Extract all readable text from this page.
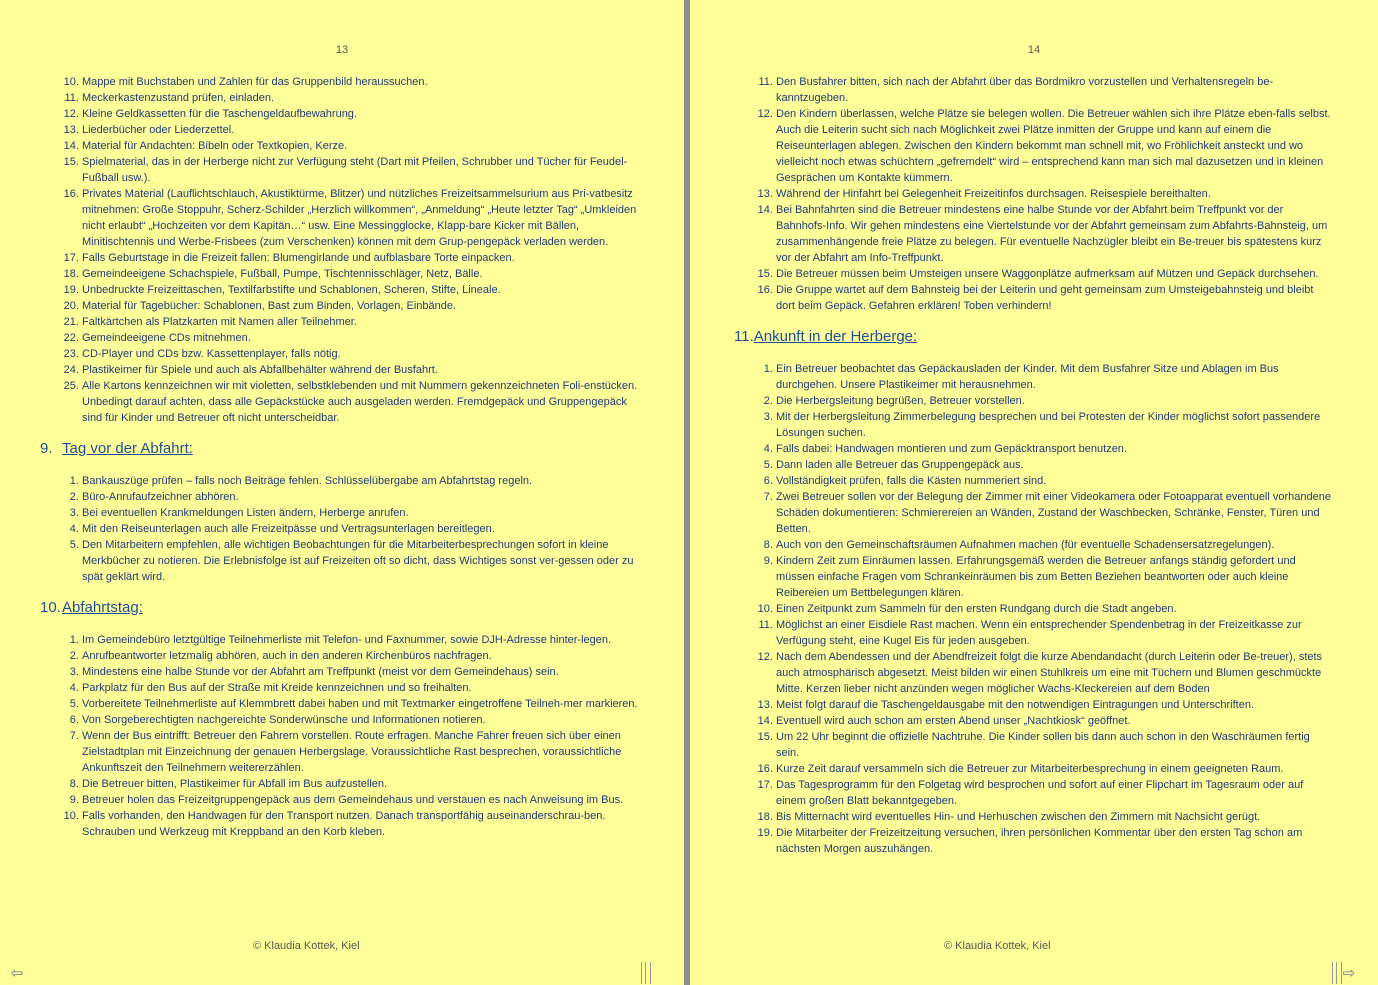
13
10. Mappe mit Buchstaben und Zahlen für das Gruppenbild heraussuchen.
11. Meckerkastenzustand prüfen, einladen.
12. Kleine Geldkassetten für die Taschengeldaufbewahrung.
13. Liederbücher oder Liederzettel.
14. Material für Andachten: Bibeln oder Textkopien, Kerze.
15. Spielmaterial, das in der Herberge nicht zur Verfügung steht (Dart mit Pfeilen, Schrubber und Tücher für Feudel-Fußball usw.).
16. Privates Material (Lauflichtschlauch, Akustiktürme, Blitzer) und nützliches Freizeitsammelsurium aus Pri-vatbesitz mitnehmen: Große Stoppuhr, Scherz-Schilder „Herzlich willkommen“, „Anmeldung“ „Heute letzter Tag“ „Umkleiden nicht erlaubt“ „Hochzeiten vor dem Kapitän…“ usw. Eine Messingglocke, Klapp-bare Kicker mit Bällen, Minitischtennis und Werbe-Frisbees (zum Verschenken) können mit dem Grup-pengepäck verladen werden.
17. Falls Geburtstage in die Freizeit fallen: Blumengirlande und aufblasbare Torte einpacken.
18. Gemeindeeigene Schachspiele, Fußball, Pumpe, Tischtennisschläger, Netz, Bälle.
19. Unbedruckte Freizeittaschen, Textilfarbstifte und Schablonen, Scheren, Stifte, Lineale.
20. Material für Tagebücher: Schablonen, Bast zum Binden, Vorlagen, Einbände.
21. Faltkärtchen als Platzkarten mit Namen aller Teilnehmer.
22. Gemeindeeigene CDs mitnehmen.
23. CD-Player und CDs bzw. Kassettenplayer, falls nötig.
24. Plastikeimer für Spiele und auch als Abfallbehälter während der Busfahrt.
25. Alle Kartons kennzeichnen wir mit violetten, selbstklebenden und mit Nummern gekennzeichneten Foli-enstücken. Unbedingt darauf achten, dass alle Gepäckstücke auch ausgeladen werden. Fremdgepäck und Gruppengepäck sind für Kinder und Betreuer oft nicht unterscheidbar.
9. Tag vor der Abfahrt:
1. Bankauszüge prüfen – falls noch Beiträge fehlen. Schlüsselübergabe am Abfahrtstag regeln.
2. Büro-Anrufaufzeichner abhören.
3. Bei eventuellen Krankmeldungen Listen ändern, Herberge anrufen.
4. Mit den Reiseunterlagen auch alle Freizeitpässe und Vertragsunterlagen bereitlegen.
5. Den Mitarbeitern empfehlen, alle wichtigen Beobachtungen für die Mitarbeiterbesprechungen sofort in kleine Merkbücher zu notieren. Die Erlebnisfolge ist auf Freizeiten oft so dicht, dass Wichtiges sonst ver-gessen oder zu spät geklärt wird.
10. Abfahrtstag:
1. Im Gemeindebüro letztgültige Teilnehmerliste mit Telefon- und Faxnummer, sowie DJH-Adresse hinter-legen.
2. Anrufbeantworter letzmalig abhören, auch in den anderen Kirchenbüros nachfragen.
3. Mindestens eine halbe Stunde vor der Abfahrt am Treffpunkt (meist vor dem Gemeindehaus) sein.
4. Parkplatz für den Bus auf der Straße mit Kreide kennzeichnen und so freihalten.
5. Vorbereitete Teilnehmerliste auf Klemmbrett dabei haben und mit Textmarker eingetroffene Teilneh-mer markieren.
6. Von Sorgeberechtigten nachgereichte Sonderwünsche und Informationen notieren.
7. Wenn der Bus eintrifft: Betreuer den Fahrern vorstellen. Route erfragen. Manche Fahrer freuen sich über einen Zielstadtplan mit Einzeichnung der genauen Herbergslage. Voraussichtliche Rast besprechen, voraussichtliche Ankunftszeit den Teilnehmern weitererzählen.
8. Die Betreuer bitten, Plastikeimer für Abfall im Bus aufzustellen.
9. Betreuer holen das Freizeitgruppengepäck aus dem Gemeindehaus und verstauen es nach Anweisung im Bus.
10. Falls vorhanden, den Handwagen für den Transport nutzen. Danach transportfähig auseinanderschrau-ben. Schrauben und Werkzeug mit Kreppband an den Korb kleben.
© Klaudia Kottek, Kiel
⇦
14
11. Den Busfahrer bitten, sich nach der Abfahrt über das Bordmikro vorzustellen und Verhaltensregeln be-kanntzugeben.
12. Den Kindern überlassen, welche Plätze sie belegen wollen. Die Betreuer wählen sich ihre Plätze eben-falls selbst. Auch die Leiterin sucht sich nach Möglichkeit zwei Plätze inmitten der Gruppe und kann auf einem die Reiseunterlagen ablegen. Zwischen den Kindern bekommt man schnell mit, wo Fröhlichkeit ansteckt und wo vielleicht noch etwas schüchtern „gefremdelt“ wird – entsprechend kann man sich mal dazusetzen und in kleinen Gesprächen um Kontakte kümmern.
13. Während der Hinfahrt bei Gelegenheit Freizeitinfos durchsagen. Reisespiele bereithalten.
14. Bei Bahnfahrten sind die Betreuer mindestens eine halbe Stunde vor der Abfahrt beim Treffpunkt vor der Bahnhofs-Info. Wir gehen mindestens eine Viertelstunde vor der Abfahrt gemeinsam zum Abfahrts-Bahnsteig, um zusammenhängende freie Plätze zu belegen. Für eventuelle Nachzügler bleibt ein Be-treuer bis spätestens kurz vor der Abfahrt am Info-Treffpunkt.
15. Die Betreuer müssen beim Umsteigen unsere Waggonplätze aufmerksam auf Mützen und Gepäck durchsehen.
16. Die Gruppe wartet auf dem Bahnsteig bei der Leiterin und geht gemeinsam zum Umsteigebahnsteig und bleibt dort beim Gepäck. Gefahren erklären! Toben verhindern!
11. Ankunft in der Herberge:
1. Ein Betreuer beobachtet das Gepäckausladen der Kinder. Mit dem Busfahrer Sitze und Ablagen im Bus durchgehen. Unsere Plastikeimer mit herausnehmen.
2. Die Herbergsleitung begrüßen, Betreuer vorstellen.
3. Mit der Herbergsleitung Zimmerbelegung besprechen und bei Protesten der Kinder möglichst sofort passendere Lösungen suchen.
4. Falls dabei: Handwagen montieren und zum Gepäcktransport benutzen.
5. Dann laden alle Betreuer das Gruppengepäck aus.
6. Vollständigkeit prüfen, falls die Kästen nummeriert sind.
7. Zwei Betreuer sollen vor der Belegung der Zimmer mit einer Videokamera oder Fotoapparat eventuell vorhandene Schäden dokumentieren: Schmierereien an Wänden, Zustand der Waschbecken, Schränke, Fenster, Türen und Betten.
8. Auch von den Gemeinschaftsräumen Aufnahmen machen (für eventuelle Schadensersatzregelungen).
9. Kindern Zeit zum Einräumen lassen. Erfahrungsgemäß werden die Betreuer anfangs ständig gefordert und müssen einfache Fragen vom Schrankeinräumen bis zum Betten Beziehen beantworten oder auch kleine Reibereien um Bettbelegungen klären.
10. Einen Zeitpunkt zum Sammeln für den ersten Rundgang durch die Stadt angeben.
11. Möglichst an einer Eisdiele Rast machen. Wenn ein entsprechender Spendenbetrag in der Freizeitkasse zur Verfügung steht, eine Kugel Eis für jeden ausgeben.
12. Nach dem Abendessen und der Abendfreizeit folgt die kurze Abendandacht (durch Leiterin oder Be-treuer), stets auch atmosphärisch abgesetzt. Meist bilden wir einen Stuhlkreis um eine mit Tüchern und Blumen geschmückte Mitte. Kerzen lieber nicht anzünden wegen möglicher Wachs-Kleckereien auf dem Boden
13. Meist folgt darauf die Taschengeldausgabe mit den notwendigen Eintragungen und Unterschriften.
14. Eventuell wird auch schon am ersten Abend unser „Nachtkiosk“ geöffnet.
15. Um 22 Uhr beginnt die offizielle Nachtruhe. Die Kinder sollen bis dann auch schon in den Waschräumen fertig sein.
16. Kurze Zeit darauf versammeln sich die Betreuer zur Mitarbeiterbesprechung in einem geeigneten Raum.
17. Das Tagesprogramm für den Folgetag wird besprochen und sofort auf einer Flipchart im Tagesraum oder auf einem großen Blatt bekanntgegeben.
18. Bis Mitternacht wird eventuelles Hin- und Herhuschen zwischen den Zimmern mit Nachsicht gerügt.
19. Die Mitarbeiter der Freizeitzeitung versuchen, ihren persönlichen Kommentar über den ersten Tag schon am nächsten Morgen auszuhängen.
© Klaudia Kottek, Kiel
⇨
